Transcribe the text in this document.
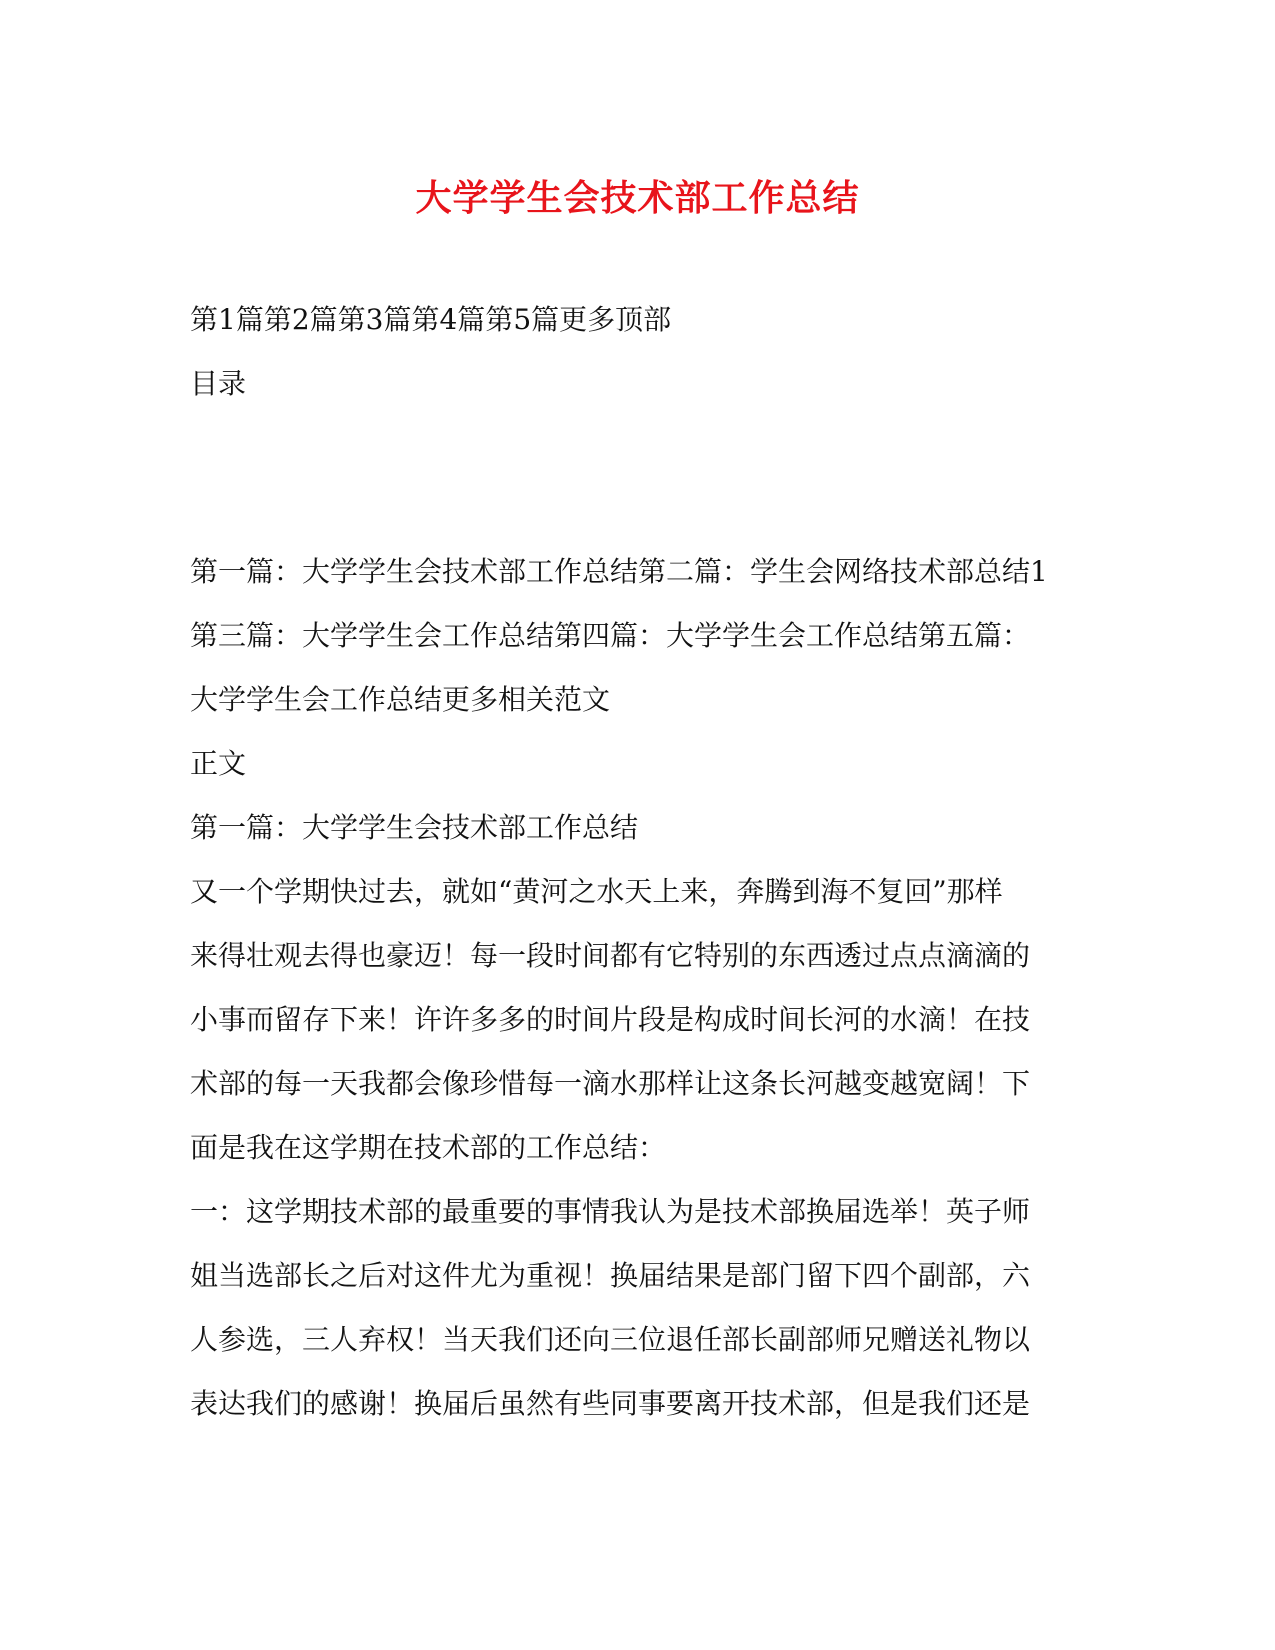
大学学生会技术部工作总结

第1篇第2篇第3篇第4篇第5篇更多顶部

目录

第一篇：大学学生会技术部工作总结第二篇：学生会网络技术部总结1

第三篇：大学学生会工作总结第四篇：大学学生会工作总结第五篇：

大学学生会工作总结更多相关范文

正文

第一篇：大学学生会技术部工作总结

又一个学期快过去，就如“黄河之水天上来，奔腾到海不复回”那样

来得壮观去得也豪迈！每一段时间都有它特别的东西透过点点滴滴的

小事而留存下来！许许多多的时间片段是构成时间长河的水滴！在技

术部的每一天我都会像珍惜每一滴水那样让这条长河越变越宽阔！下

面是我在这学期在技术部的工作总结：

一：这学期技术部的最重要的事情我认为是技术部换届选举！英子师

姐当选部长之后对这件尤为重视！换届结果是部门留下四个副部，六

人参选，三人弃权！当天我们还向三位退任部长副部师兄赠送礼物以

表达我们的感谢！换届后虽然有些同事要离开技术部，但是我们还是
